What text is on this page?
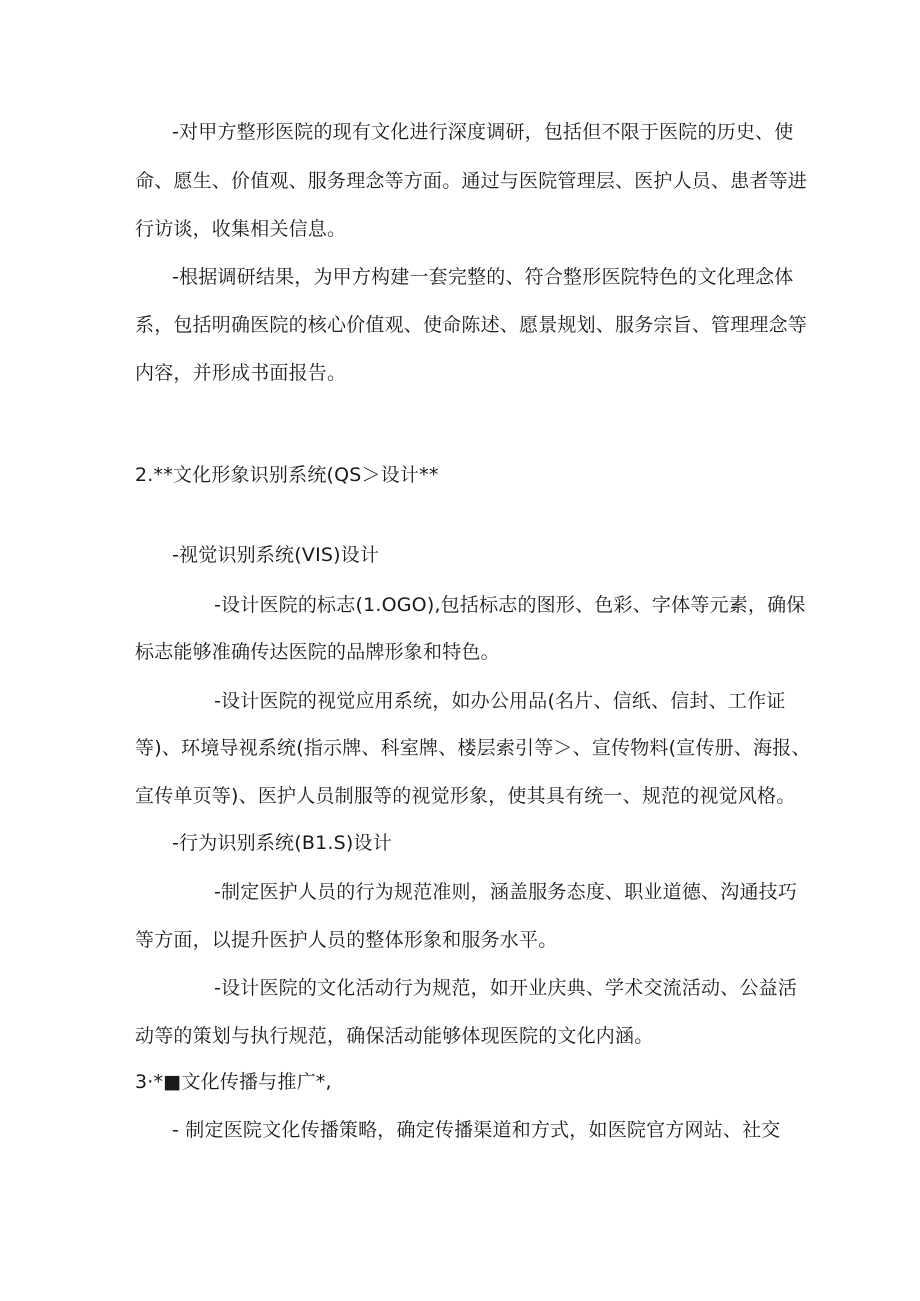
-对甲方整形医院的现有文化进行深度调研，包括但不限于医院的历史、使
命、愿生、价值观、服务理念等方面。通过与医院管理层、医护人员、患者等进
行访谈，收集相关信息。
-根据调研结果，为甲方构建一套完整的、符合整形医院特色的文化理念体
系，包括明确医院的核心价值观、使命陈述、愿景规划、服务宗旨、管理理念等
内容，并形成书面报告。
2.**文化形象识别系统(QS＞设计**
-视觉识别系统(VIS)设计
-设计医院的标志(1.OGO),包括标志的图形、色彩、字体等元素，确保
标志能够准确传达医院的品牌形象和特色。
-设计医院的视觉应用系统，如办公用品(名片、信纸、信封、工作证
等)、环境导视系统(指示牌、科室牌、楼层索引等＞、宣传物料(宣传册、海报、
宣传单页等)、医护人员制服等的视觉形象，使其具有统一、规范的视觉风格。
-行为识别系统(B1.S)设计
-制定医护人员的行为规范准则，涵盖服务态度、职业道德、沟通技巧
等方面，以提升医护人员的整体形象和服务水平。
-设计医院的文化活动行为规范，如开业庆典、学术交流活动、公益活
动等的策划与执行规范，确保活动能够体现医院的文化内涵。
3·*■文化传播与推广*,
- 制定医院文化传播策略，确定传播渠道和方式，如医院官方网站、社交
